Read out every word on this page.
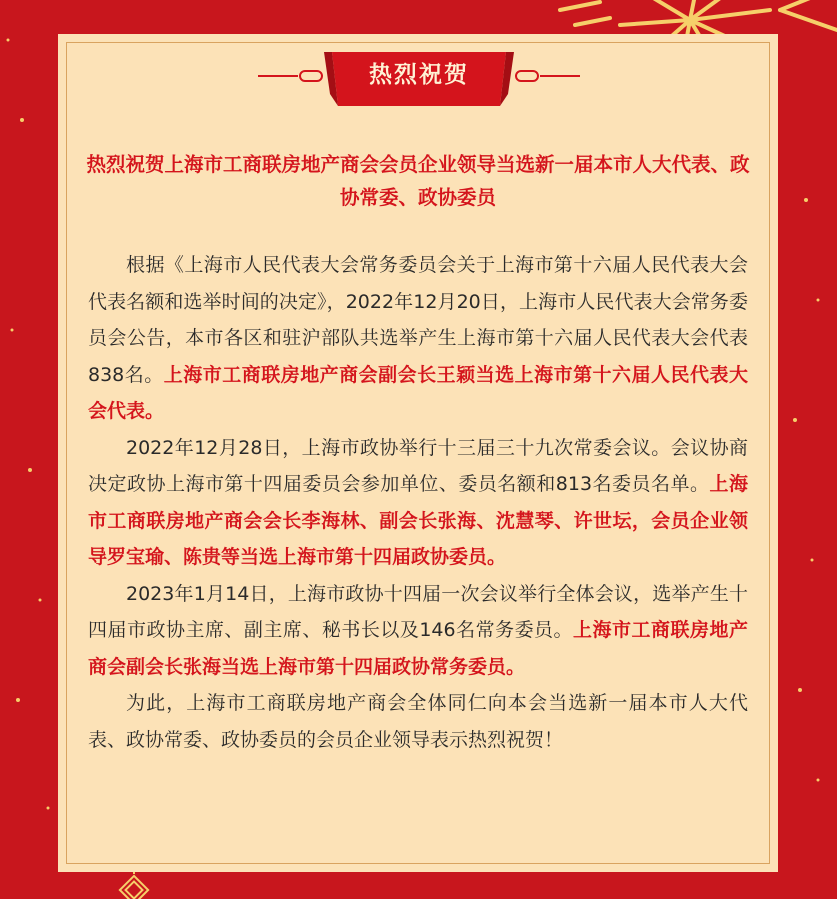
热烈祝贺
热烈祝贺上海市工商联房地产商会会员企业领导当选新一届本市人大代表、政协常委、政协委员

根据《上海市人民代表大会常务委员会关于上海市第十六届人民代表大会代表名额和选举时间的决定》，2022年12月20日，上海市人民代表大会常务委员会公告，本市各区和驻沪部队共选举产生上海市第十六届人民代表大会代表838名。上海市工商联房地产商会副会长王颖当选上海市第十六届人民代表大会代表。

2022年12月28日，上海市政协举行十三届三十九次常委会议。会议协商决定政协上海市第十四届委员会参加单位、委员名额和813名委员名单。上海市工商联房地产商会会长李海林、副会长张海、沈慧琴、许世坛，会员企业领导罗宝瑜、陈贵等当选上海市第十四届政协委员。

2023年1月14日，上海市政协十四届一次会议举行全体会议，选举产生十四届市政协主席、副主席、秘书长以及146名常务委员。上海市工商联房地产商会副会长张海当选上海市第十四届政协常务委员。

为此，上海市工商联房地产商会全体同仁向本会当选新一届本市人大代表、政协常委、政协委员的会员企业领导表示热烈祝贺！
